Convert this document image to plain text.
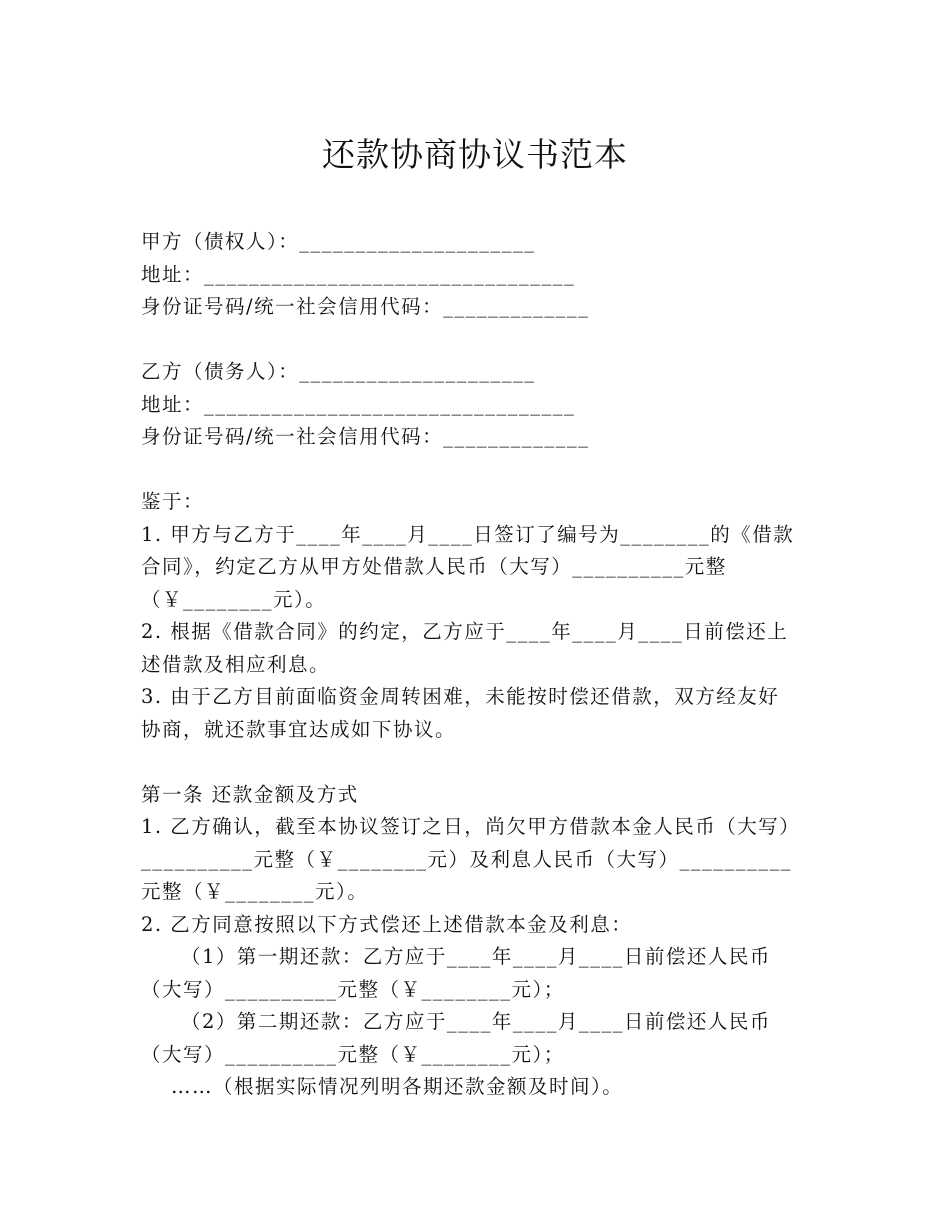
还款协商协议书范本
甲方（债权人）：_____________________
地址：_________________________________
身份证号码/统一社会信用代码：_____________
乙方（债务人）：_____________________
地址：_________________________________
身份证号码/统一社会信用代码：_____________
鉴于：
1. 甲方与乙方于____年____月____日签订了编号为________的《借款
合同》，约定乙方从甲方处借款人民币（大写）__________元整
（￥________元）。
2. 根据《借款合同》的约定，乙方应于____年____月____日前偿还上
述借款及相应利息。
3. 由于乙方目前面临资金周转困难，未能按时偿还借款，双方经友好
协商，就还款事宜达成如下协议。
第一条 还款金额及方式
1. 乙方确认，截至本协议签订之日，尚欠甲方借款本金人民币（大写）
__________元整（￥________元）及利息人民币（大写）__________
元整（￥________元）。
2. 乙方同意按照以下方式偿还上述借款本金及利息：
（1）第一期还款：乙方应于____年____月____日前偿还人民币
（大写）__________元整（￥________元）；
（2）第二期还款：乙方应于____年____月____日前偿还人民币
（大写）__________元整（￥________元）；
……（根据实际情况列明各期还款金额及时间）。
